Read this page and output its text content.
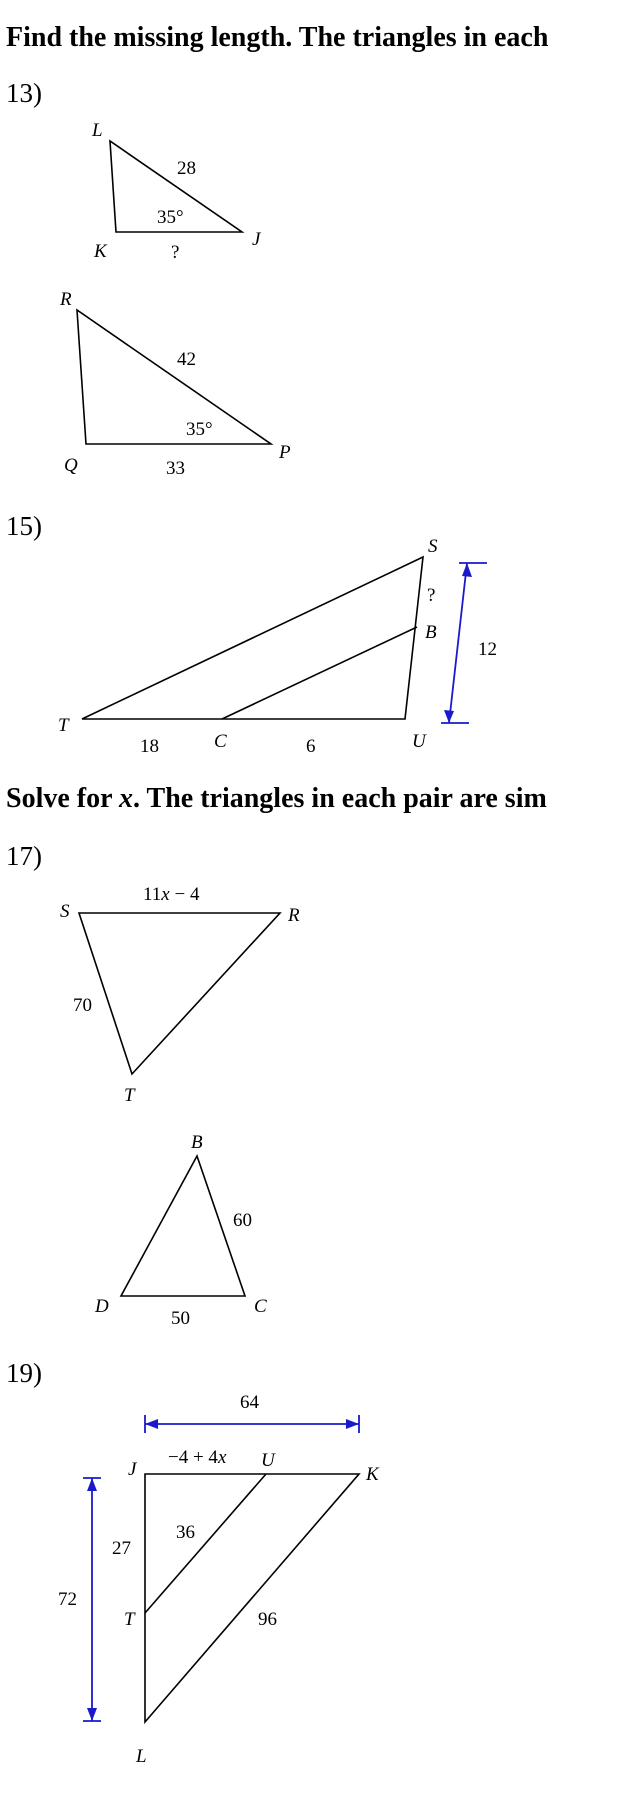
Find the missing length. The triangles in each
13)
L
K
J
28
35°
?
R
Q
P
42
35°
33
15)
S
B
T
C	U
?
18	6
12
Solve for x. The triangles in each pair are sim
17)
S	R
T
11x − 4
70
B
D	C
60
50
19)
J	U
K
T
L
−4 + 4x
36
27
96
64
72
